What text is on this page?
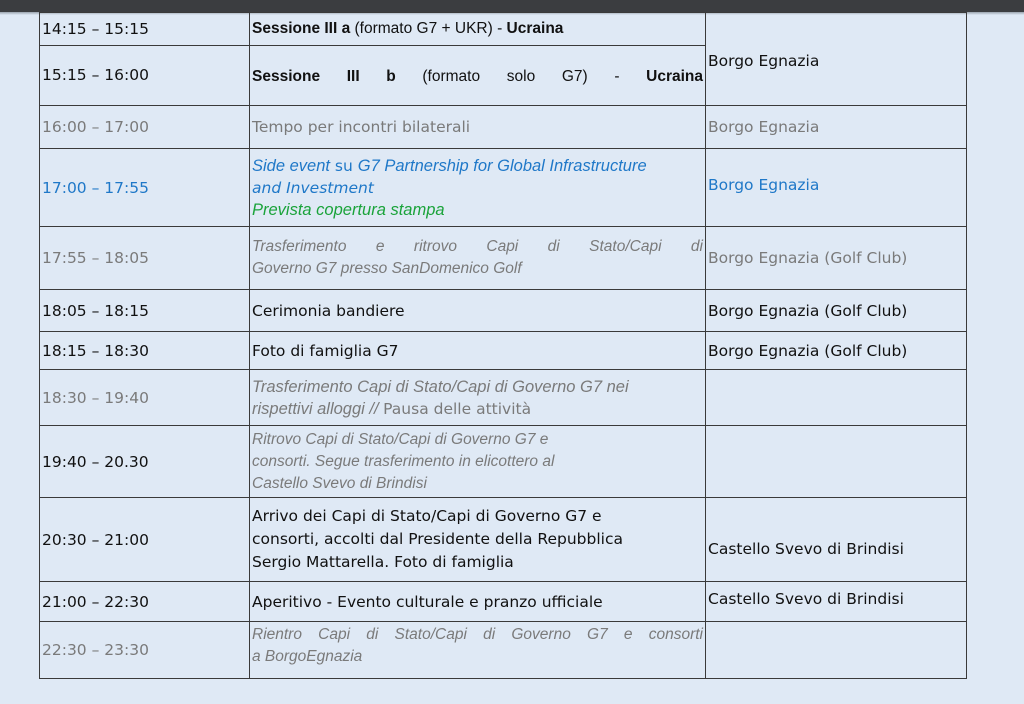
14:15 – 15:15	Sessione III a (formato G7 + UKR) - Ucraina	Borgo Egnazia
15:15 – 16:00	Sessione III b (formato solo G7) - Ucraina	

16:00 – 17:00	Tempo per incontri bilaterali	Borgo Egnazia
17:00 – 17:55	Side event su G7 Partnership for Global Infrastructure
and Investment
Prevista copertura stampa	Borgo Egnazia
17:55 – 18:05	Trasferimento e ritrovo Capi di Stato/Capi di
Governo G7 presso SanDomenico Golf	Borgo Egnazia (Golf Club)
18:05 – 18:15	Cerimonia bandiere	Borgo Egnazia (Golf Club)
18:15 – 18:30	Foto di famiglia G7	Borgo Egnazia (Golf Club)
18:30 – 19:40	Trasferimento Capi di Stato/Capi di Governo G7 nei
rispettivi alloggi // Pausa delle attività	

19:40 – 20.30	Ritrovo Capi di Stato/Capi di Governo G7 e
consorti. Segue trasferimento in elicottero al
Castello Svevo di Brindisi	

20:30 – 21:00	Arrivo dei Capi di Stato/Capi di Governo G7 e
consorti, accolti dal Presidente della Repubblica
Sergio Mattarella. Foto di famiglia	Castello Svevo di Brindisi
21:00 – 22:30	Aperitivo - Evento culturale e pranzo ufficiale	Castello Svevo di Brindisi
22:30 – 23:30	Rientro Capi di Stato/Capi di Governo G7 e consorti
a BorgoEgnazia	
